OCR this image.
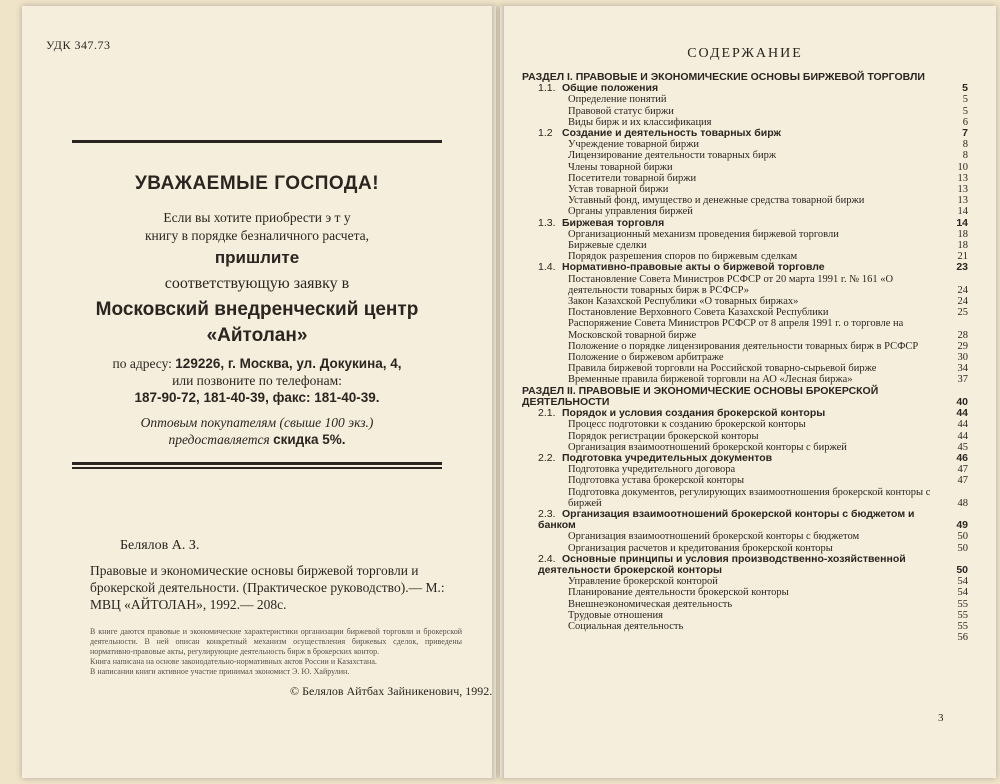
УДК 347.73
УВАЖАЕМЫЕ ГОСПОДА!
Если вы хотите приобрести э т у
книгу в порядке безналичного расчета,
пришлите
соответствующую заявку в
Московский внедренческий центр
«Айтолан»
по адресу: 129226, г. Москва, ул. Докукина, 4,
или позвоните по телефонам:
187-90-72, 181-40-39, факс: 181-40-39.
Оптовым покупателям (свыше 100 экз.)
предоставляется скидка 5%.
Белялов А. З.
Правовые и экономические основы биржевой торговли и брокерской деятельности. (Практическое руководство).— М.: МВЦ «АЙТОЛАН», 1992.— 208с.
В книге даются правовые и экономические характеристики организации биржевой торговли и брокерской деятельности. В ней описан конкретный механизм осуществления биржевых сделок, приведены нормативно-правовые акты, регулирующие деятельность бирж в брокерских контор.
Книга написана на основе законодательно-нормативных актов России и Казахстана.
В написании книги активное участие принимал экономист Э. Ю. Хайрулин.
© Белялов Айтбах Зайникенович, 1992.
СОДЕРЖАНИЕ
РАЗДЕЛ I. ПРАВОВЫЕ И ЭКОНОМИЧЕСКИЕ ОСНОВЫ БИРЖЕВОЙ ТОРГОВЛИ
1.1. Общие положения	5
Определение понятий	5
Правовой статус биржи	5
Виды бирж и их классификация	6
1.2 Создание и деятельность товарных бирж	7
Учреждение товарной биржи	8
Лицензирование деятельности товарных бирж	8
Члены товарной биржи	10
Посетители товарной биржи	13
Устав товарной биржи	13
Уставный фонд, имущество и денежные средства товарной биржи	13
Органы управления биржей	14
1.3. Биржевая торговля	14
Организационный механизм проведения биржевой торговли	18
Биржевые сделки	18
Порядок разрешения споров по биржевым сделкам	21
1.4. Нормативно-правовые акты о биржевой торговле	23
Постановление Совета Министров РСФСР от 20 марта 1991 г. № 161 «О деятельности товарных бирж в РСФСР»	24
Закон Казахской Республики «О товарных биржах»	24
Постановление Верховного Совета Казахской Республики	25
Распоряжение Совета Министров РСФСР от 8 апреля 1991 г. о торговле на Московской товарной бирже	28
Положение о порядке лицензирования деятельности товарных бирж в РСФСР	29
Положение о биржевом арбитраже	30
Правила биржевой торговли на Российской товарно-сырьевой бирже	34
Временные правила биржевой торговли на АО «Лесная биржа»	37
РАЗДЕЛ II. ПРАВОВЫЕ И ЭКОНОМИЧЕСКИЕ ОСНОВЫ БРОКЕРСКОЙ ДЕЯТЕЛЬНОСТИ	40
2.1. Порядок и условия создания брокерской конторы	44
Процесс подготовки к созданию брокерской конторы	44
Порядок регистрации брокерской конторы	44
Организация взаимоотношений брокерской конторы с биржей	45
2.2. Подготовка учредительных документов	46
Подготовка учредительного договора	47
Подготовка устава брокерской конторы	47
Подготовка документов, регулирующих взаимоотношения брокерской конторы с биржей	48
2.3. Организация взаимоотношений брокерской конторы с бюджетом и банком	49
Организация взаимоотношений брокерской конторы с бюджетом	50
Организация расчетов и кредитования брокерской конторы	50
2.4. Основные принципы и условия производственно-хозяйственной деятельности брокерской конторы	50
Управление брокерской конторой	54
Планирование деятельности брокерской конторы	54
Внешнеэкономическая деятельность	55
Трудовые отношения	55
Социальная деятельность	55
56
3
